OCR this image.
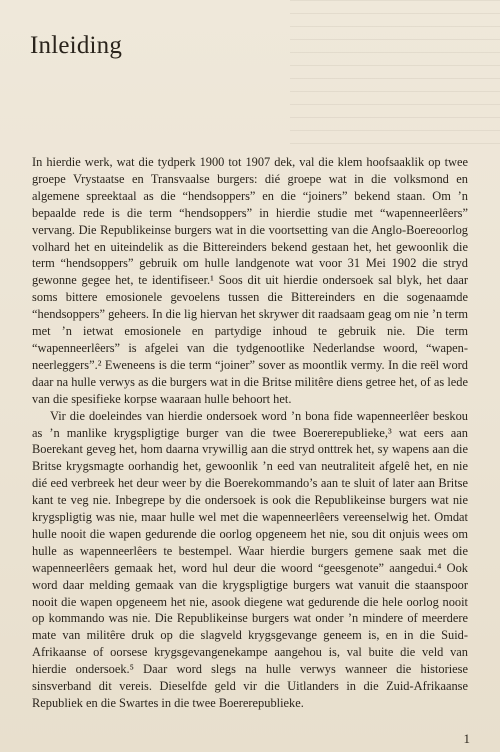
Inleiding

In hierdie werk, wat die tydperk 1900 tot 1907 dek, val die klem hoofsaaklik op twee groepe Vrystaatse en Transvaalse burgers: dié groepe wat in die volksmond en algemene spreektaal as die “hendsoppers” en die “joiners” bekend staan. Om ’n bepaalde rede is die term “hendsoppers” in hierdie studie met “wapenneerlêers” vervang. Die Republikeinse burgers wat in die voortsetting van die Anglo-Boereoorlog volhard het en uiteindelik as die Bittereinders bekend gestaan het, het gewoonlik die term “hendsoppers” gebruik om hulle landgenote wat voor 31 Mei 1902 die stryd gewonne gegee het, te identifiseer.¹ Soos dit uit hierdie ondersoek sal blyk, het daar soms bittere emosionele gevoelens tussen die Bittereinders en die sogenaamde “hendsoppers” geheers. In die lig hiervan het skrywer dit raadsaam geag om nie ’n term met ’n ietwat emosionele en partydige inhoud te gebruik nie. Die term “wapenneerlêers” is afgelei van die tydgenootlike Nederlandse woord, “wapen-neerleggers”.² Eweneens is die term “joiner” sover as moontlik vermy. In die reël word daar na hulle verwys as die burgers wat in die Britse militêre diens getree het, of as lede van die spesifieke korpse waaraan hulle behoort het.

Vir die doeleindes van hierdie ondersoek word ’n bona fide wapenneerlêer beskou as ’n manlike krygspligtige burger van die twee Boererepublieke,³ wat eers aan Boerekant geveg het, hom daarna vrywillig aan die stryd onttrek het, sy wapens aan die Britse krygsmagte oorhandig het, gewoonlik ’n eed van neutraliteit afgelê het, en nie dié eed verbreek het deur weer by die Boerekommando’s aan te sluit of later aan Britse kant te veg nie. Inbegrepe by die ondersoek is ook die Republikeinse burgers wat nie krygspligtig was nie, maar hulle wel met die wapenneerlêers vereenselwig het. Omdat hulle nooit die wapen gedurende die oorlog opgeneem het nie, sou dit onjuis wees om hulle as wapenneerlêers te bestempel. Waar hierdie burgers gemene saak met die wapenneerlêers gemaak het, word hul deur die woord “geesgenote” aangedui.⁴ Ook word daar melding gemaak van die krygspligtige burgers wat vanuit die staanspoor nooit die wapen opgeneem het nie, asook diegene wat gedurende die hele oorlog nooit op kommando was nie. Die Republikeinse burgers wat onder ’n mindere of meerdere mate van militêre druk op die slagveld krygsgevange geneem is, en in die Suid-Afrikaanse of oorsese krygsgevangenekampe aangehou is, val buite die veld van hierdie ondersoek.⁵ Daar word slegs na hulle verwys wanneer die historiese sinsverband dit vereis. Dieselfde geld vir die Uitlanders in die Zuid-Afrikaanse Republiek en die Swartes in die twee Boererepublieke.

1
